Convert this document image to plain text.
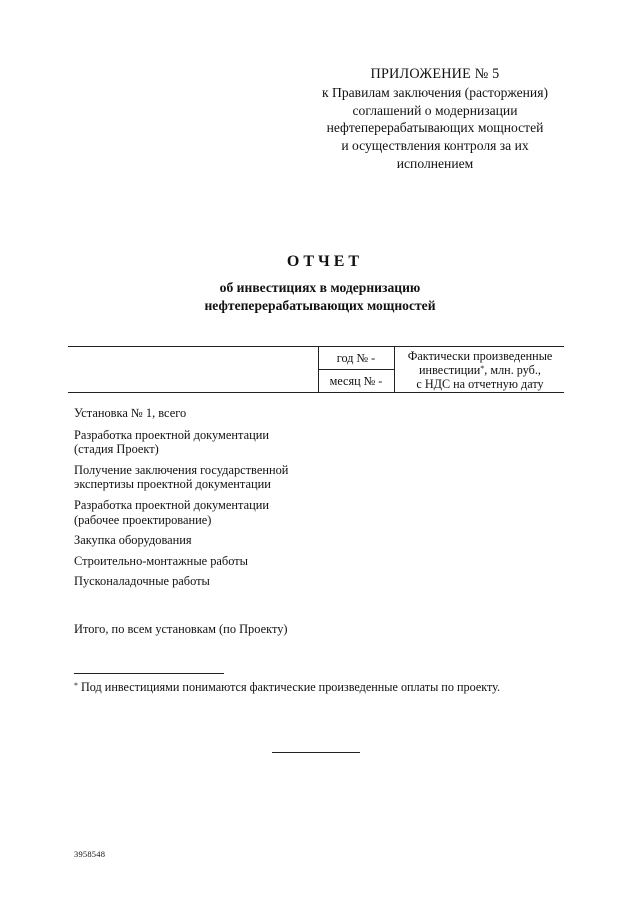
ПРИЛОЖЕНИЕ № 5
к Правилам заключения (расторжения)
соглашений о модернизации
нефтеперерабатывающих мощностей
и осуществления контроля за их
исполнением
ОТЧЕТ
об инвестициях в модернизацию
нефтеперерабатывающих мощностей
год № -
месяц № -
Фактически произведенные
инвестиции*, млн. руб.,
с НДС на отчетную дату
Установка № 1, всего
Разработка проектной документации
(стадия Проект)
Получение заключения государственной
экспертизы проектной документации
Разработка проектной документации
(рабочее проектирование)
Закупка оборудования
Строительно-монтажные работы
Пусконаладочные работы
Итого, по всем установкам (по Проекту)
* Под инвестициями понимаются фактические произведенные оплаты по проекту.
3958548
